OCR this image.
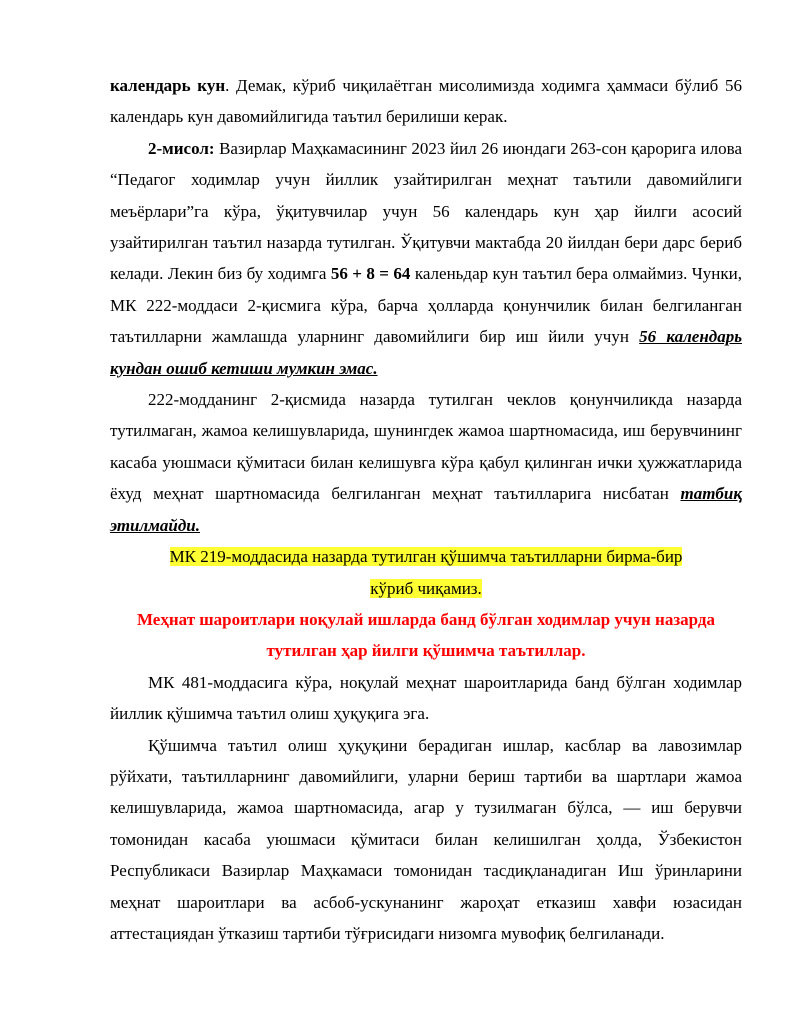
календарь кун. Демак, кўриб чиқилаётган мисолимизда ходимга ҳаммаси бўлиб 56 календарь кун давомийлигида таътил берилиши керак.

2-мисол: Вазирлар Маҳкамасининг 2023 йил 26 июндаги 263-сон қарорига илова “Педагог ходимлар учун йиллик узайтирилган меҳнат таътили давомийлиги меъёрлари”га кўра, ўқитувчилар учун 56 календарь кун ҳар йилги асосий узайтирилган таътил назарда тутилган. Ўқитувчи мактабда 20 йилдан бери дарс бериб келади. Лекин биз бу ходимга 56 + 8 = 64 каленьдар кун таътил бера олмаймиз. Чунки, МК 222-моддаси 2-қисмига кўра, барча ҳолларда қонунчилик билан белгиланган таътилларни жамлашда уларнинг давомийлиги бир иш йили учун 56 календарь кундан ошиб кетиши мумкин эмас.

222-модданинг 2-қисмида назарда тутилган чеклов қонунчиликда назарда тутилмаган, жамоа келишувларида, шунингдек жамоа шартномасида, иш берувчининг касаба уюшмаси қўмитаси билан келишувга кўра қабул қилинган ички ҳужжатларида ёхуд меҳнат шартномасида белгиланган меҳнат таътилларига нисбатан татбиқ этилмайди.

МК 219-моддасида назарда тутилган қўшимча таътилларни бирма-бир
кўриб чиқамиз.

Меҳнат шароитлари ноқулай ишларда банд бўлган ходимлар учун назарда
тутилган ҳар йилги қўшимча таътиллар.

МК 481-моддасига кўра, ноқулай меҳнат шароитларида банд бўлган ходимлар йиллик қўшимча таътил олиш ҳуқуқига эга.

Қўшимча таътил олиш ҳуқуқини берадиган ишлар, касблар ва лавозимлар рўйхати, таътилларнинг давомийлиги, уларни бериш тартиби ва шартлари жамоа келишувларида, жамоа шартномасида, агар у тузилмаган бўлса, — иш берувчи томонидан касаба уюшмаси қўмитаси билан келишилган ҳолда, Ўзбекистон Республикаси Вазирлар Маҳкамаси томонидан тасдиқланадиган Иш ўринларини меҳнат шароитлари ва асбоб-ускунанинг жароҳат етказиш хавфи юзасидан аттестациядан ўтказиш тартиби тўғрисидаги низомга мувофиқ белгиланади.
